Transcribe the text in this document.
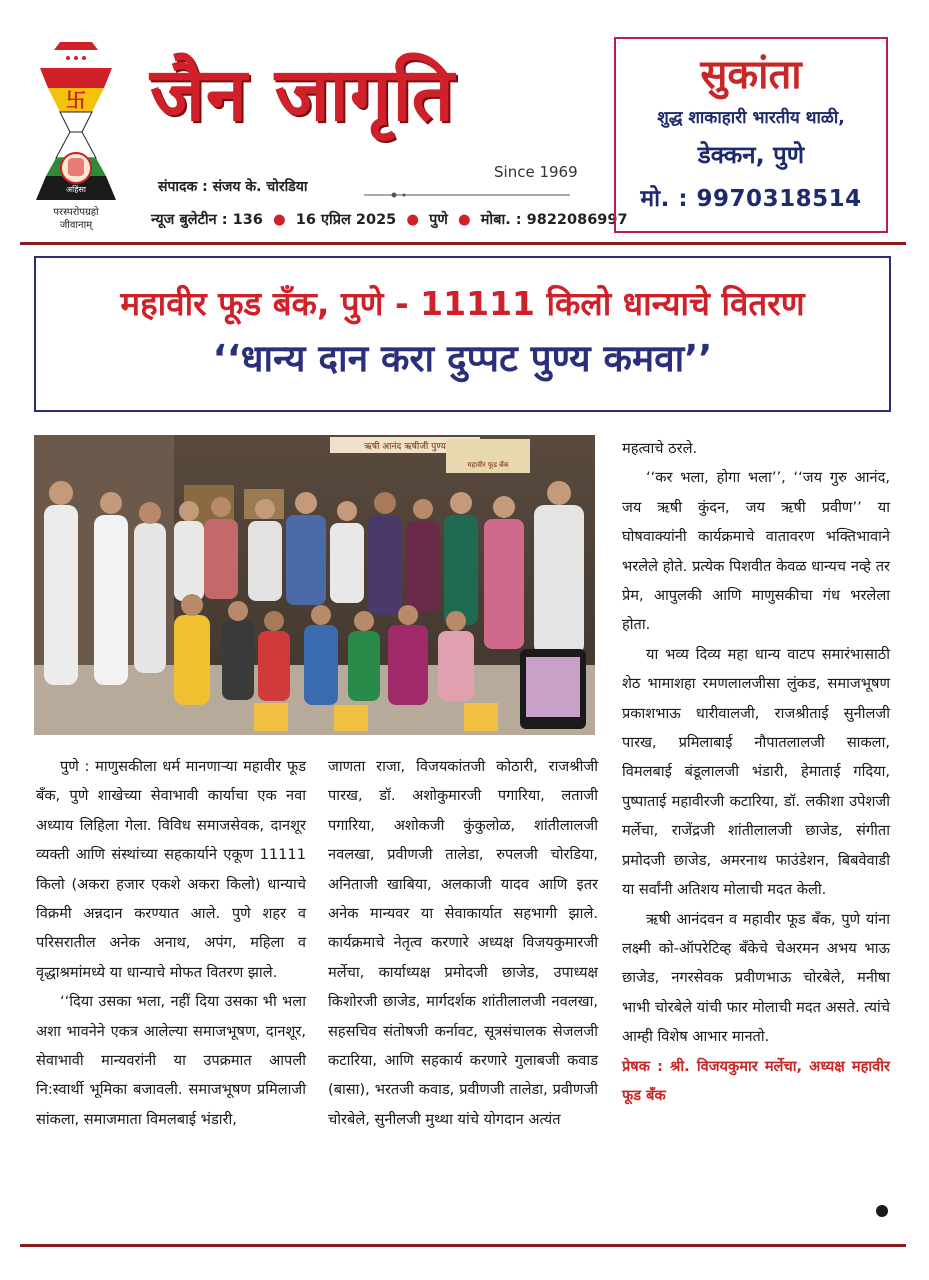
卐
अहिंसा
परस्परोपग्रहो
जीवानाम्
जैन जागृति
Since 1969
संपादक : संजय के. चोरडिया
न्यूज बुलेटीन : 136  ●  16 एप्रिल 2025  ●  पुणे  ●  मोबा. : 9822086997
सुकांता
शुद्ध शाकाहारी भारतीय थाळी,
डेक्कन, पुणे
मो. : 9970318514
महावीर फूड बँक, पुणे - 11111 किलो धान्याचे वितरण
‘‘धान्य दान करा दुप्पट पुण्य कमवा’’
ऋषी आनंद ऋषीजी पुण्य
महावीर फूड बँक

पुणे : माणुसकीला धर्म मानणाऱ्या महावीर फूड बँक, पुणे शाखेच्या सेवाभावी कार्याचा एक नवा अध्याय लिहिला गेला. विविध समाजसेवक, दानशूर व्यक्ती आणि संस्थांच्या सहकार्याने एकूण 11111 किलो (अकरा हजार एकशे अकरा किलो) धान्याचे विक्रमी अन्नदान करण्यात आले. पुणे शहर व परिसरातील अनेक अनाथ, अपंग, महिला व वृद्धाश्रमांमध्ये या धान्याचे मोफत वितरण झाले.

‘‘दिया उसका भला, नहीं दिया उसका भी भला अशा भावनेने एकत्र आलेल्या समाजभूषण, दानशूर, सेवाभावी मान्यवरांनी या उपक्रमात आपली नि:स्वार्थी भूमिका बजावली. समाजभूषण प्रमिलाजी सांकला, समाजमाता विमलबाई भंडारी,

जाणता राजा, विजयकांतजी कोठारी, राजश्रीजी पारख, डॉ. अशोकुमारजी पगारिया, लताजी पगारिया, अशोकजी कुंकुलोळ, शांतीलालजी नवलखा, प्रवीणजी तालेडा, रुपलजी चोरडिया, अनिताजी खाबिया, अलकाजी यादव आणि इतर अनेक मान्यवर या सेवाकार्यात सहभागी झाले. कार्यक्रमाचे नेतृत्व करणारे अध्यक्ष विजयकुमारजी मर्लेचा, कार्याध्यक्ष प्रमोदजी छाजेड, उपाध्यक्ष किशोरजी छाजेड, मार्गदर्शक शांतीलालजी नवलखा, सहसचिव संतोषजी कर्नावट, सूत्रसंचालक सेजलजी कटारिया, आणि सहकार्य करणारे गुलाबजी कवाड (बासा), भरतजी कवाड, प्रवीणजी तालेडा, प्रवीणजी चोरबेले, सुनीलजी मुथ्था यांचे योगदान अत्यंत

महत्वाचे ठरले.

‘‘कर भला, होगा भला’’, ‘‘जय गुरु आनंद, जय ऋषी कुंदन, जय ऋषी प्रवीण’’ या घोषवाक्यांनी कार्यक्रमाचे वातावरण भक्तिभावाने भरलेले होते. प्रत्येक पिशवीत केवळ धान्यच नव्हे तर प्रेम, आपुलकी आणि माणुसकीचा गंध भरलेला होता.

या भव्य दिव्य महा धान्य वाटप समारंभासाठी शेठ भामाशहा रमणलालजीसा लुंकड, समाजभूषण प्रकाशभाऊ धारीवालजी, राजश्रीताई सुनीलजी पारख, प्रमिलाबाई नौपातलालजी साकला, विमलबाई बंडूलालजी भंडारी, हेमाताई गदिया, पुष्पाताई महावीरजी कटारिया, डॉ. लकीशा उपेशजी मर्लेचा, राजेंद्रजी शांतीलालजी छाजेड, संगीता प्रमोदजी छाजेड, अमरनाथ फाउंडेशन, बिबवेवाडी या सर्वांनी अतिशय मोलाची मदत केली.

ऋषी आनंदवन व महावीर फूड बँक, पुणे यांना लक्ष्मी को-ऑपरेटिव्ह बँकेचे चेअरमन अभय भाऊ छाजेड, नगरसेवक प्रवीणभाऊ चोरबेले, मनीषा भाभी चोरबेले यांची फार मोलाची मदत असते. त्यांचे आम्ही विशेष आभार मानतो.

प्रेषक : श्री. विजयकुमार मर्लेचा, अध्यक्ष महावीर फूड बँक
